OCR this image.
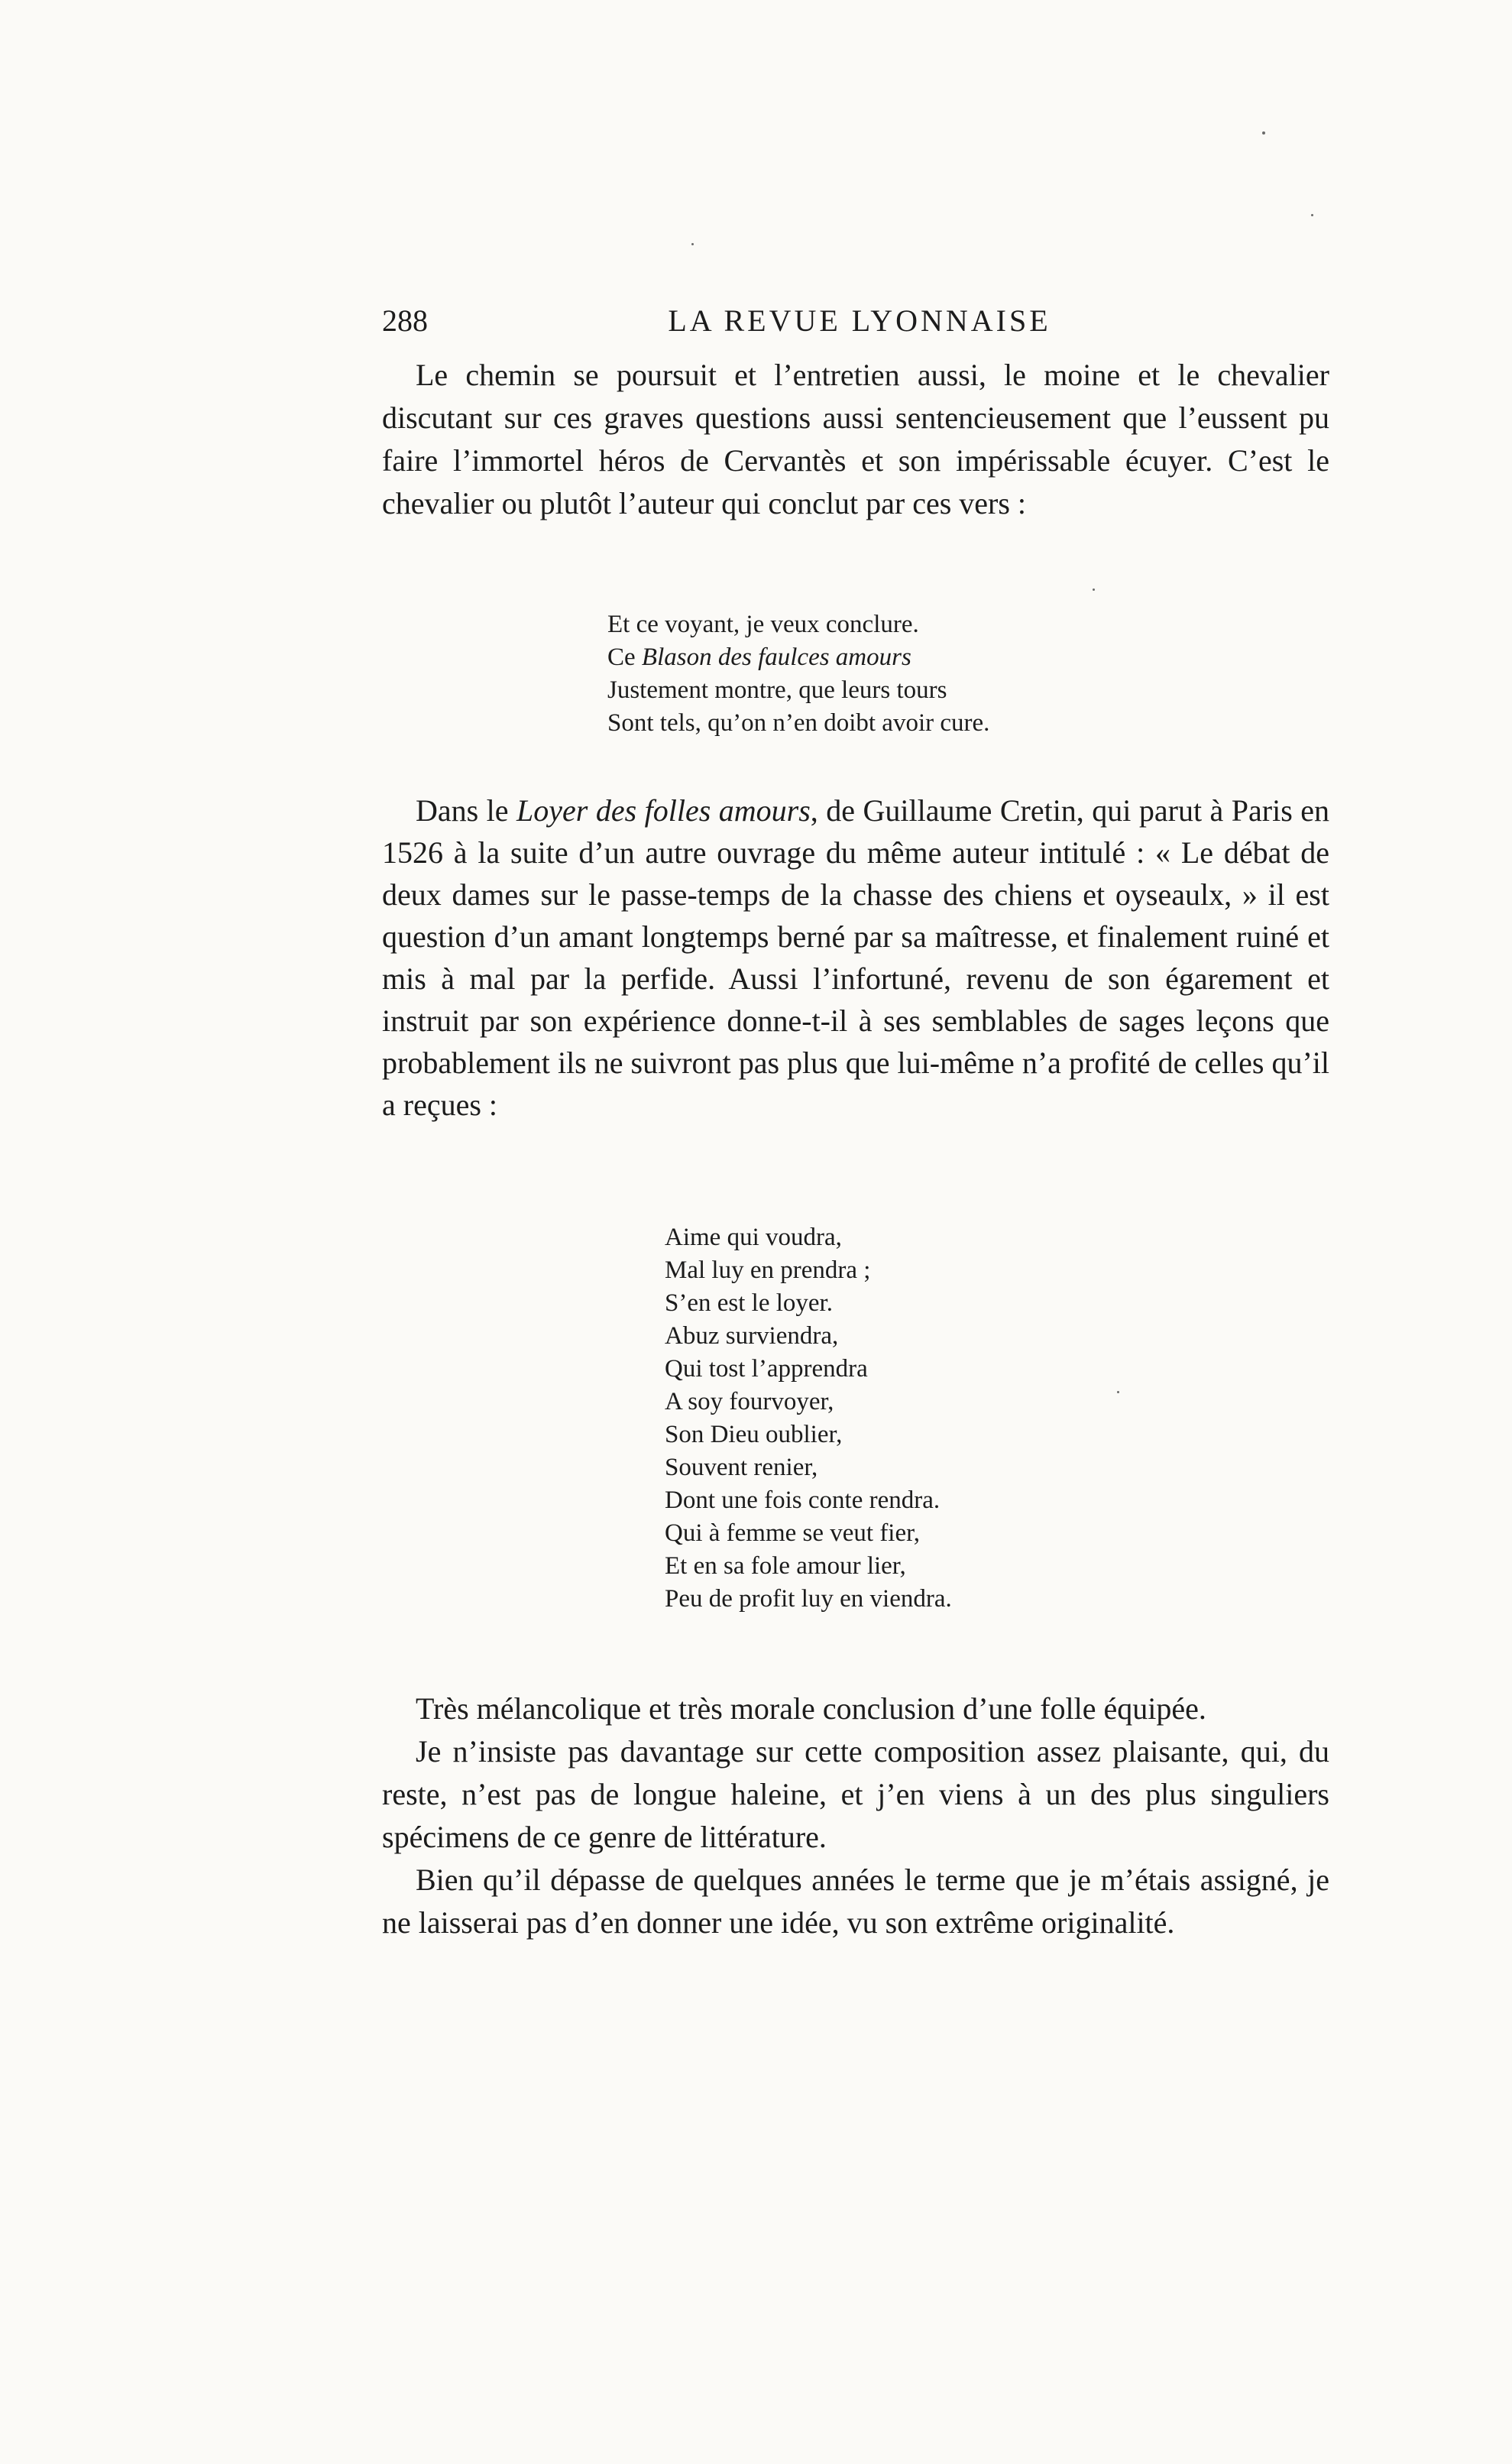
288	LA REVUE LYONNAISE

Le chemin se poursuit et l’entretien aussi, le moine et le chevalier discutant sur ces graves questions aussi sentencieusement que l’eussent pu faire l’immortel héros de Cervantès et son impérissable écuyer. C’est le chevalier ou plutôt l’auteur qui conclut par ces vers :

Et ce voyant, je veux conclure.
Ce Blason des faulces amours
Justement montre, que leurs tours
Sont tels, qu’on n’en doibt avoir cure.

Dans le Loyer des folles amours, de Guillaume Cretin, qui parut à Paris en 1526 à la suite d’un autre ouvrage du même auteur intitulé : « Le débat de deux dames sur le passe-temps de la chasse des chiens et oyseaulx, » il est question d’un amant longtemps berné par sa maîtresse, et finalement ruiné et mis à mal par la perfide. Aussi l’infortuné, revenu de son égarement et instruit par son expérience donne-t-il à ses semblables de sages leçons que probablement ils ne suivront pas plus que lui-même n’a profité de celles qu’il a reçues :

Aime qui voudra,
Mal luy en prendra ;
S’en est le loyer.
Abuz surviendra,
Qui tost l’apprendra
A soy fourvoyer,
Son Dieu oublier,
Souvent renier,
Dont une fois conte rendra.
Qui à femme se veut fier,
Et en sa fole amour lier,
Peu de profit luy en viendra.

Très mélancolique et très morale conclusion d’une folle équipée.

Je n’insiste pas davantage sur cette composition assez plaisante, qui, du reste, n’est pas de longue haleine, et j’en viens à un des plus singuliers spécimens de ce genre de littérature.

Bien qu’il dépasse de quelques années le terme que je m’étais assigné, je ne laisserai pas d’en donner une idée, vu son extrême originalité.
